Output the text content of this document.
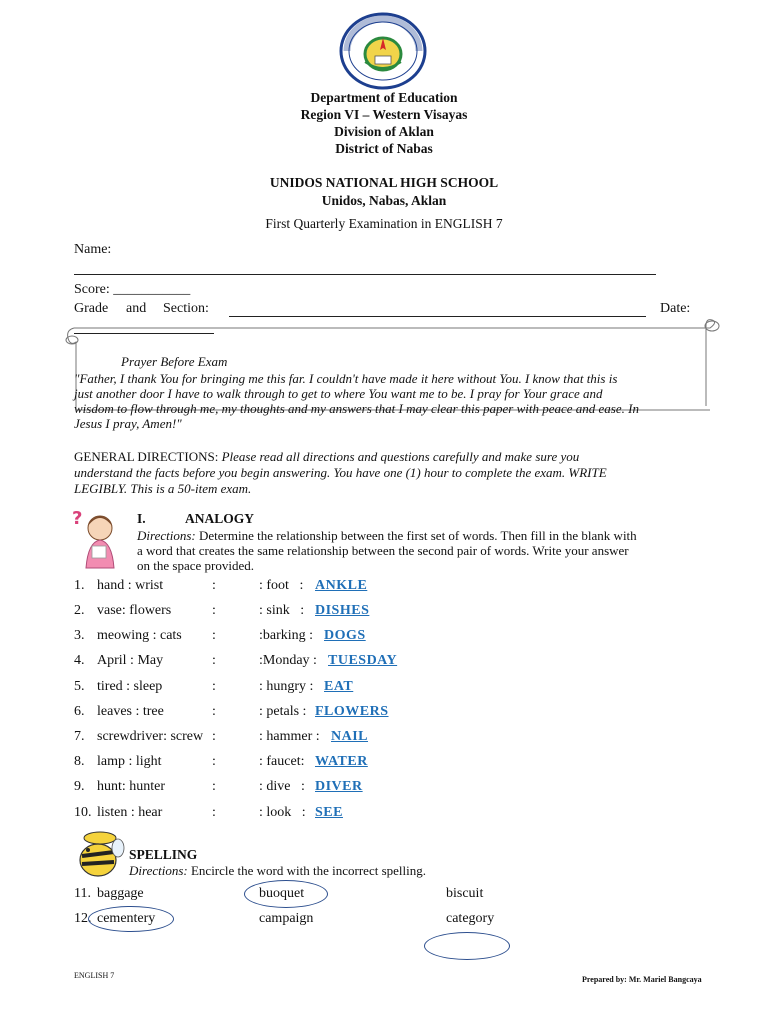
Department of Education
Region VI – Western Visayas
Division of Aklan
District of Nabas
UNIDOS NATIONAL HIGH SCHOOL
Unidos, Nabas, Aklan
First Quarterly Examination in ENGLISH 7
Name:
Score: ___________
Grade and Section:	Date:
Prayer Before Exam
"Father, I thank You for bringing me this far. I couldn't have made it here without You. I know that this is
just another door I have to walk through to get to where You want me to be. I pray for Your grace and
wisdom to flow through me, my thoughts and my answers that I may clear this paper with peace and ease. In
Jesus I pray, Amen!"
GENERAL DIRECTIONS: Please read all directions and questions carefully and make sure you
understand the facts before you begin answering. You have one (1) hour to complete the exam. WRITE
LEGIBLY. This is a 50-item exam.
?	I.	ANALOGY
Directions: Determine the relationship between the first set of words. Then fill in the blank with
a word that creates the same relationship between the second pair of words. Write your answer
on the space provided.
1. hand : wrist	:	: foot   : ANKLE
2. vase: flowers	:	: sink   : DISHES
3. meowing : cats :	:barking : DOGS
4. April : May	:	:Monday : TUESDAY
5. tired : sleep	:	: hungry : EAT
6. leaves : tree	:	: petals : FLOWERS
7. screwdriver: screw :	: hammer : NAIL
8. lamp : light	:	: faucet: WATER
9. hunt: hunter	:	: dive   : DIVER
10. listen : hear	:	: look   : SEE
SPELLING
Directions: Encircle the word with the incorrect spelling.
11. baggage	buoquet	biscuit
12. cementery	campaign	category
ENGLISH 7	Prepared by: Mr. Mariel Bangcaya
